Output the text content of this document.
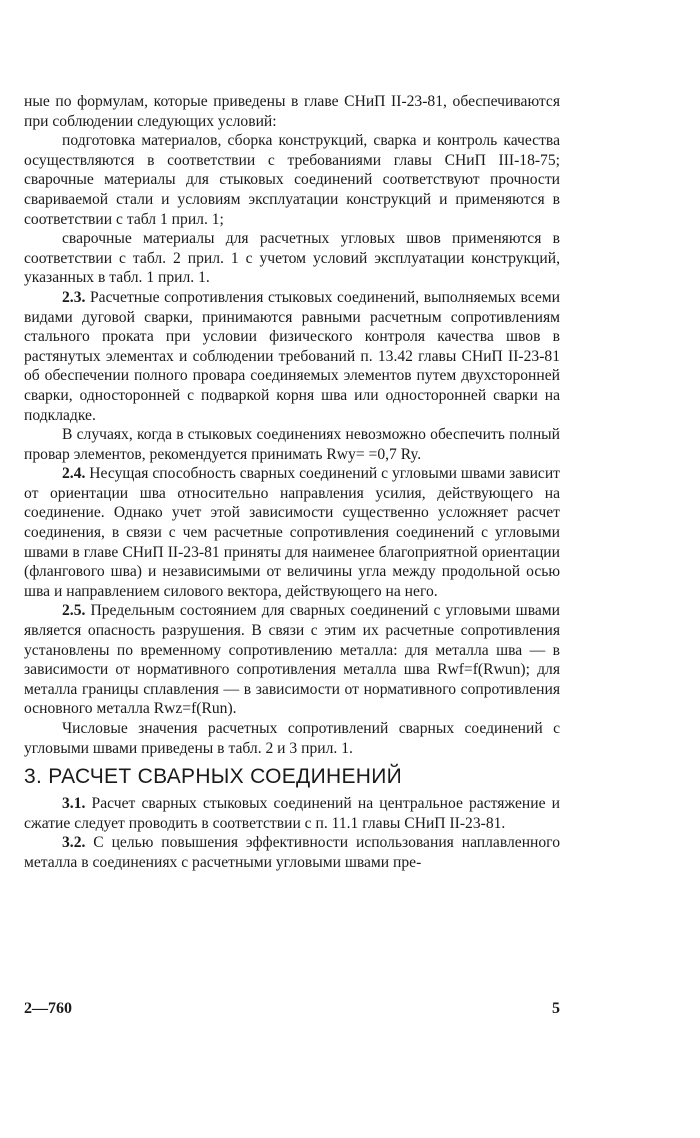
ные по формулам, которые приведены в главе СНиП II-23-81, обеспечиваются при соблюдении следующих условий:

подготовка материалов, сборка конструкций, сварка и контроль качества осуществляются в соответствии с требованиями главы СНиП III-18-75; сварочные материалы для стыковых соединений соответствуют прочности свариваемой стали и условиям эксплуатации конструкций и применяются в соответствии с табл 1 прил. 1;

сварочные материалы для расчетных угловых швов применяются в соответствии с табл. 2 прил. 1 с учетом условий эксплуатации конструкций, указанных в табл. 1 прил. 1.

2.3. Расчетные сопротивления стыковых соединений, выполняемых всеми видами дуговой сварки, принимаются равными расчетным сопротивлениям стального проката при условии физического контроля качества швов в растянутых элементах и соблюдении требований п. 13.42 главы СНиП II-23-81 об обеспечении полного провара соединяемых элементов путем двухсторонней сварки, односторонней с подваркой корня шва или односторонней сварки на подкладке.

В случаях, когда в стыковых соединениях невозможно обеспечить полный провар элементов, рекомендуется принимать Rwy= =0,7 Ry.

2.4. Несущая способность сварных соединений с угловыми швами зависит от ориентации шва относительно направления усилия, действующего на соединение. Однако учет этой зависимости существенно усложняет расчет соединения, в связи с чем расчетные сопротивления соединений с угловыми швами в главе СНиП II-23-81 приняты для наименее благоприятной ориентации (флангового шва) и независимыми от величины угла между продольной осью шва и направлением силового вектора, действующего на него.

2.5. Предельным состоянием для сварных соединений с угловыми швами является опасность разрушения. В связи с этим их расчетные сопротивления установлены по временному сопротивлению металла: для металла шва — в зависимости от нормативного сопротивления металла шва Rwf=f(Rwun); для металла границы сплавления — в зависимости от нормативного сопротивления основного металла Rwz=f(Run).

Числовые значения расчетных сопротивлений сварных соединений с угловыми швами приведены в табл. 2 и 3 прил. 1.

3. РАСЧЕТ СВАРНЫХ СОЕДИНЕНИЙ

3.1. Расчет сварных стыковых соединений на центральное растяжение и сжатие следует проводить в соответствии с п. 11.1 главы СНиП II-23-81.

3.2. С целью повышения эффективности использования наплавленного металла в соединениях с расчетными угловыми швами пре-

2—760	5
